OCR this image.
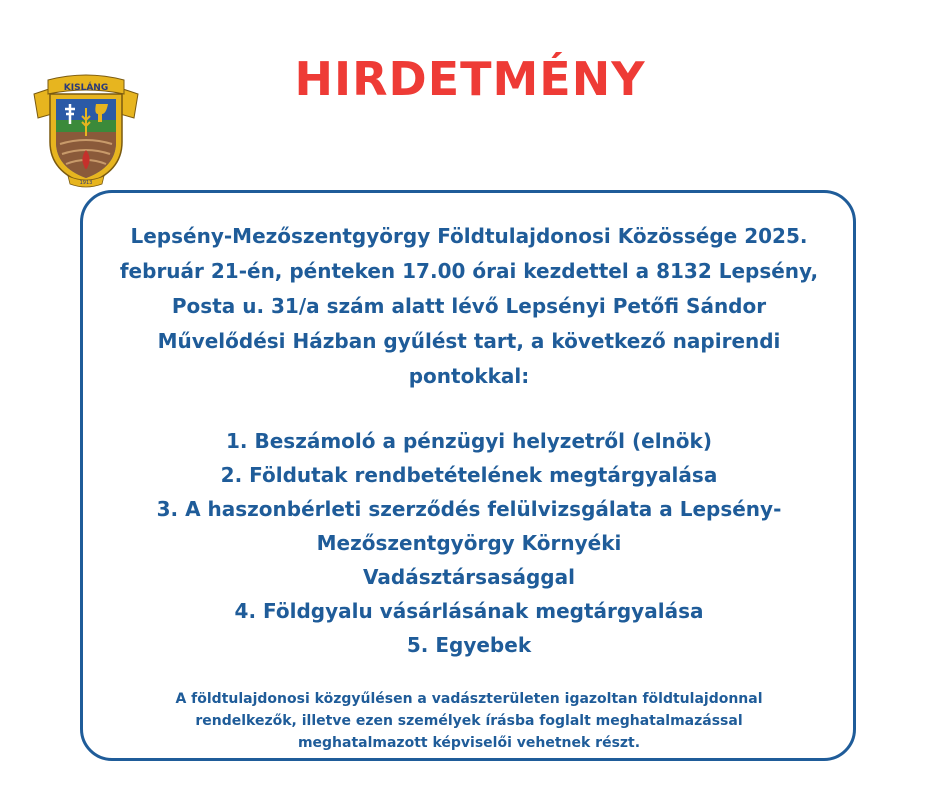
KISLÁNG
1913
HIRDETMÉNY
Lepsény-Mezőszentgyörgy Földtulajdonosi Közössége 2025.
február 21-én, pénteken 17.00 órai kezdettel a 8132 Lepsény,
Posta u. 31/a szám alatt lévő Lepsényi Petőfi Sándor
Művelődési Házban gyűlést tart, a következő napirendi
pontokkal:
1. Beszámoló a pénzügyi helyzetről (elnök)
2. Földutak rendbetételének megtárgyalása
3. A haszonbérleti szerződés felülvizsgálata a Lepsény-
Mezőszentgyörgy Környéki
Vadásztársasággal
4. Földgyalu vásárlásának megtárgyalása
5. Egyebek
A földtulajdonosi közgyűlésen a vadászterületen igazoltan földtulajdonnal
rendelkezők, illetve ezen személyek írásba foglalt meghatalmazással
meghatalmazott képviselői vehetnek részt.
